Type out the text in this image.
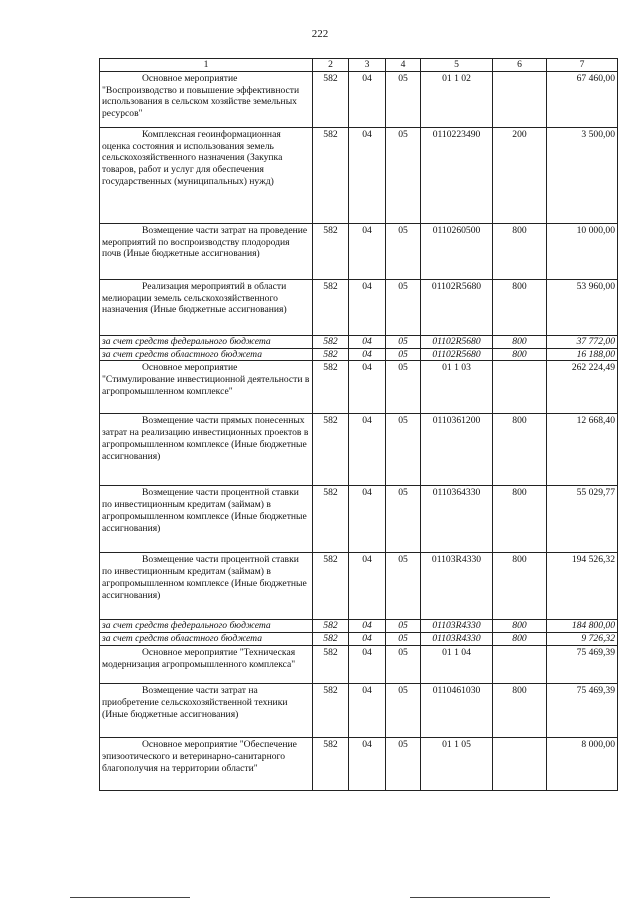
222
1	2	3	4	5	6	7

Основное мероприятие "Воспроизводство и повышение эффективности использования в сельском хозяйстве земельных ресурсов"	582	04	05	01 1 02		67 460,00

Комплексная геоинформационная оценка состояния и использования земель сельскохозяйственного назначения (Закупка товаров, работ и услуг для обеспечения государственных (муниципальных) нужд)	582	04	05	0110223490	200	3 500,00

Возмещение части затрат на проведение мероприятий по воспроизводству плодородия почв (Иные бюджетные ассигнования)	582	04	05	0110260500	800	10 000,00

Реализация мероприятий в области мелиорации земель сельскохозяйственного назначения (Иные бюджетные ассигнования)	582	04	05	01102R5680	800	53 960,00
за счет средств федерального бюджета	582	04	05	01102R5680	800	37 772,00
за счет средств областного бюджета	582	04	05	01102R5680	800	16 188,00

Основное мероприятие "Стимулирование инвестиционной деятельности в агропромышленном комплексе"	582	04	05	01 1 03		262 224,49

Возмещение части прямых понесенных затрат на реализацию инвестиционных проектов в агропромышленном комплексе (Иные бюджетные ассигнования)	582	04	05	0110361200	800	12 668,40

Возмещение части процентной ставки по инвестиционным кредитам (займам) в агропромышленном комплексе (Иные бюджетные ассигнования)	582	04	05	0110364330	800	55 029,77

Возмещение части процентной ставки по инвестиционным кредитам (займам) в агропромышленном комплексе (Иные бюджетные ассигнования)	582	04	05	01103R4330	800	194 526,32
за счет средств федерального бюджета	582	04	05	01103R4330	800	184 800,00
за счет средств областного бюджета	582	04	05	01103R4330	800	9 726,32

Основное мероприятие "Техническая модернизация агропромышленного комплекса"	582	04	05	01 1 04		75 469,39

Возмещение части затрат на приобретение сельскохозяйственной техники (Иные бюджетные ассигнования)	582	04	05	0110461030	800	75 469,39

Основное мероприятие "Обеспечение эпизоотического и ветеринарно-санитарного благополучия на территории области"	582	04	05	01 1 05		8 000,00
